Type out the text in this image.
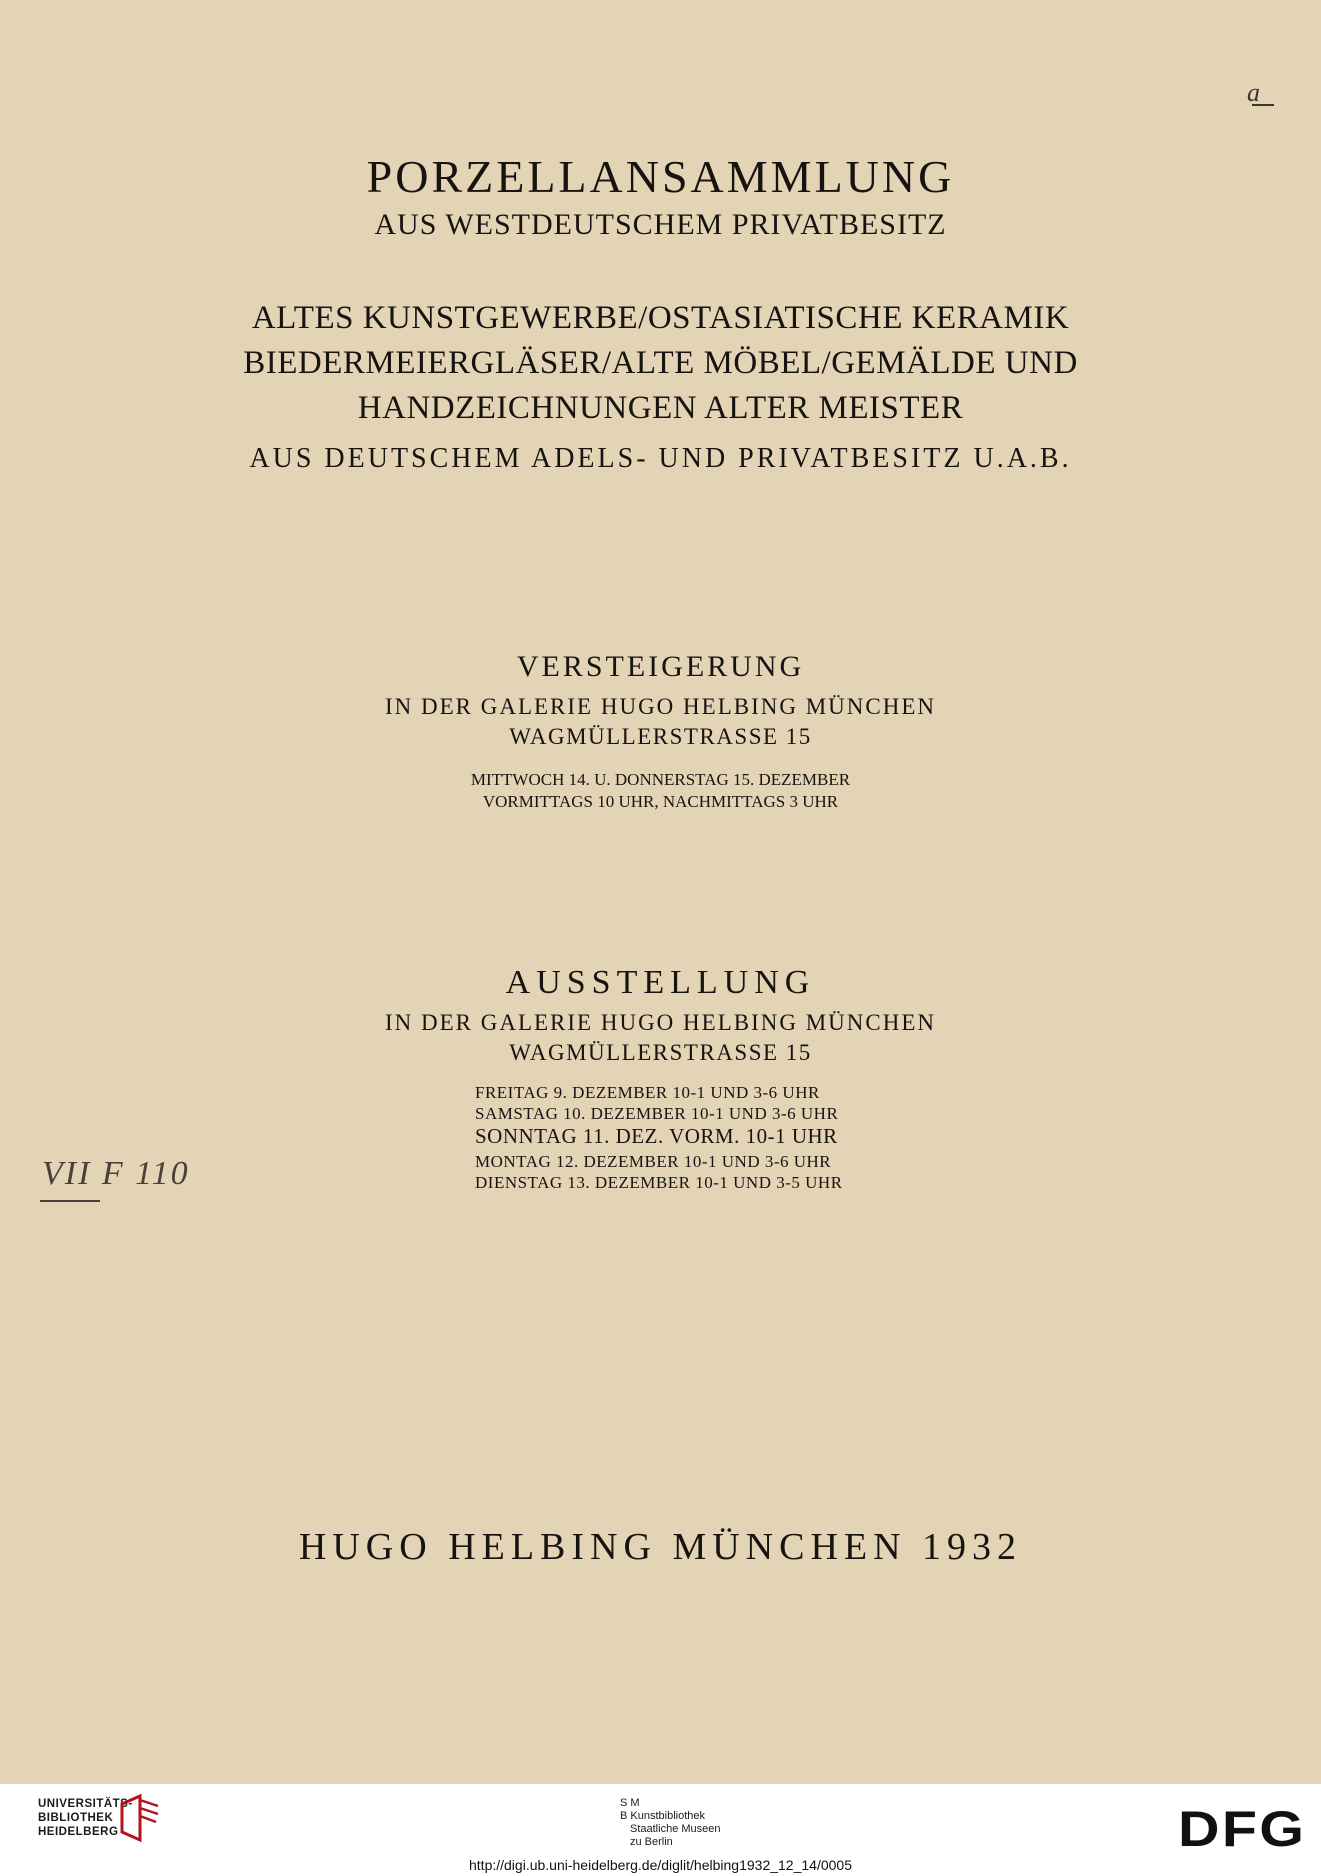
a
PORZELLANSAMMLUNG
AUS WESTDEUTSCHEM PRIVATBESITZ
ALTES KUNSTGEWERBE/OSTASIATISCHE KERAMIK
BIEDERMEIERGLÄSER/ALTE MÖBEL/GEMÄLDE UND
HANDZEICHNUNGEN ALTER MEISTER
AUS DEUTSCHEM ADELS- UND PRIVATBESITZ U.A.B.
VERSTEIGERUNG
IN DER GALERIE HUGO HELBING MÜNCHEN
WAGMÜLLERSTRASSE 15
MITTWOCH 14. U. DONNERSTAG 15. DEZEMBER
VORMITTAGS 10 UHR, NACHMITTAGS 3 UHR
AUSSTELLUNG
IN DER GALERIE HUGO HELBING MÜNCHEN
WAGMÜLLERSTRASSE 15
FREITAG 9. DEZEMBER 10-1 UND 3-6 UHR
SAMSTAG 10. DEZEMBER 10-1 UND 3-6 UHR
SONNTAG 11. DEZ. VORM. 10-1 UHR
MONTAG 12. DEZEMBER 10-1 UND 3-6 UHR
DIENSTAG 13. DEZEMBER 10-1 UND 3-5 UHR
VII F 110
HUGO HELBING MÜNCHEN 1932
UNIVERSITÄTS-
BIBLIOTHEK
HEIDELBERG
S M
B Kunstbibliothek
Staatliche Museen
zu Berlin	DFG
http://digi.ub.uni-heidelberg.de/diglit/helbing1932_12_14/0005
